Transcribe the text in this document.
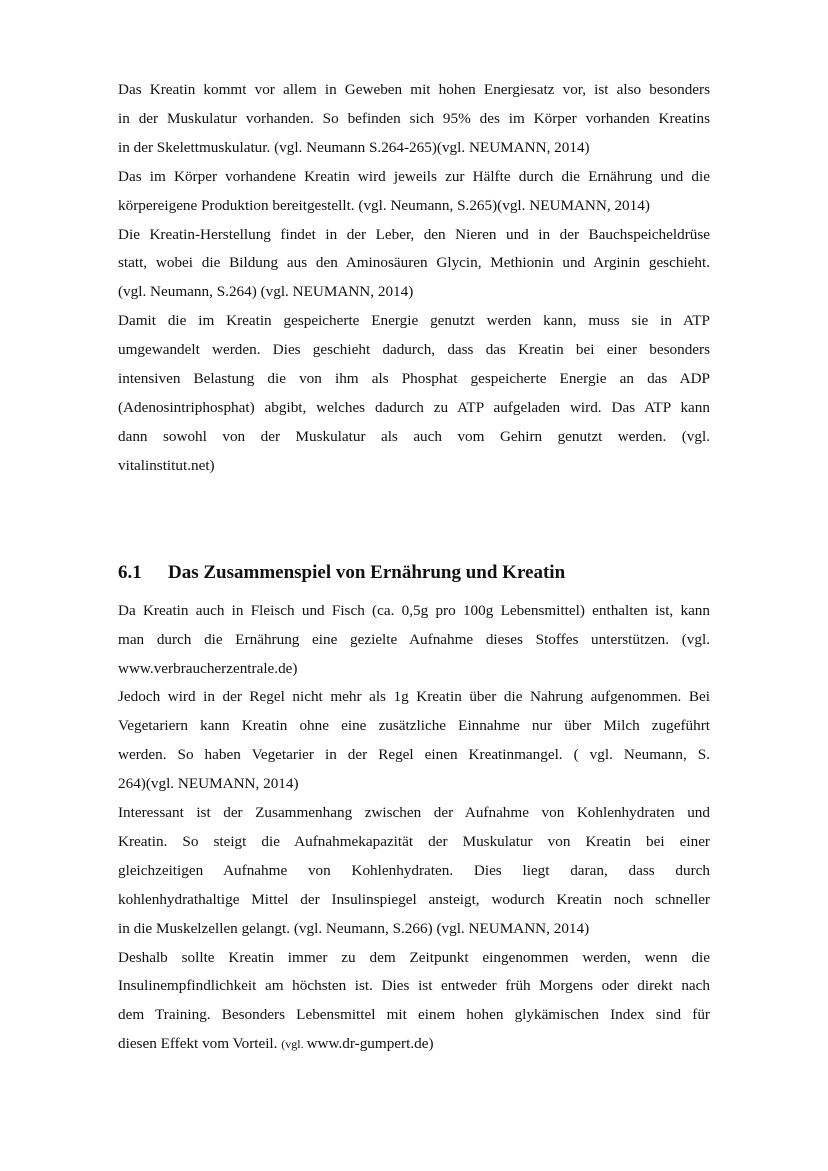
Das Kreatin kommt vor allem in Geweben mit hohen Energiesatz vor, ist also besonders
in der Muskulatur vorhanden. So befinden sich 95% des im Körper vorhanden Kreatins
in der Skelettmuskulatur. (vgl. Neumann S.264-265)(vgl. NEUMANN, 2014)
Das im Körper vorhandene Kreatin wird jeweils zur Hälfte durch die Ernährung und die
körpereigene Produktion bereitgestellt. (vgl. Neumann, S.265)(vgl. NEUMANN, 2014)
Die Kreatin-Herstellung findet in der Leber, den Nieren und in der Bauchspeicheldrüse
statt, wobei die Bildung aus den Aminosäuren Glycin, Methionin und Arginin geschieht.
(vgl. Neumann, S.264) (vgl. NEUMANN, 2014)
Damit die im Kreatin gespeicherte Energie genutzt werden kann, muss sie in ATP
umgewandelt werden. Dies geschieht dadurch, dass das Kreatin bei einer besonders
intensiven Belastung die von ihm als Phosphat gespeicherte Energie an das ADP
(Adenosintriphosphat) abgibt, welches dadurch zu ATP aufgeladen wird. Das ATP kann
dann sowohl von der Muskulatur als auch vom Gehirn genutzt werden. (vgl.
vitalinstitut.net)
6.1 Das Zusammenspiel von Ernährung und Kreatin
Da Kreatin auch in Fleisch und Fisch (ca. 0,5g pro 100g Lebensmittel) enthalten ist, kann
man durch die Ernährung eine gezielte Aufnahme dieses Stoffes unterstützen. (vgl.
www.verbraucherzentrale.de)
Jedoch wird in der Regel nicht mehr als 1g Kreatin über die Nahrung aufgenommen. Bei
Vegetariern kann Kreatin ohne eine zusätzliche Einnahme nur über Milch zugeführt
werden. So haben Vegetarier in der Regel einen Kreatinmangel. ( vgl. Neumann, S.
264)(vgl. NEUMANN, 2014)
Interessant ist der Zusammenhang zwischen der Aufnahme von Kohlenhydraten und
Kreatin. So steigt die Aufnahmekapazität der Muskulatur von Kreatin bei einer
gleichzeitigen Aufnahme von Kohlenhydraten. Dies liegt daran, dass durch
kohlenhydrathaltige Mittel der Insulinspiegel ansteigt, wodurch Kreatin noch schneller
in die Muskelzellen gelangt. (vgl. Neumann, S.266) (vgl. NEUMANN, 2014)
Deshalb sollte Kreatin immer zu dem Zeitpunkt eingenommen werden, wenn die
Insulinempfindlichkeit am höchsten ist. Dies ist entweder früh Morgens oder direkt nach
dem Training. Besonders Lebensmittel mit einem hohen glykämischen Index sind für
diesen Effekt vom Vorteil. (vgl. www.dr-gumpert.de)
